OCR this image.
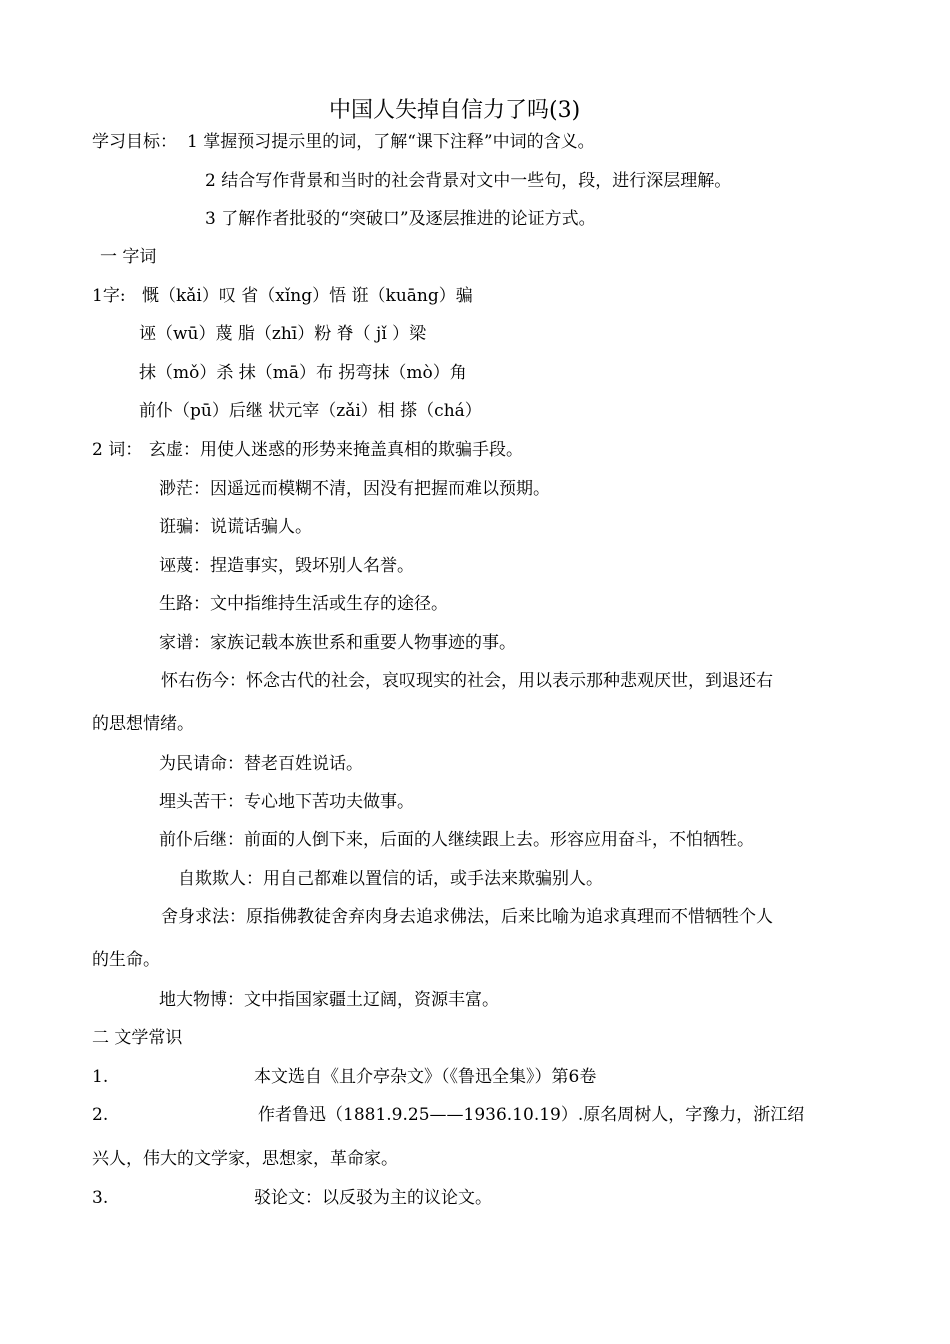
中国人失掉自信力了吗(3)
学习目标： 1 掌握预习提示里的词，了解“课下注释”中词的含义。
2 结合写作背景和当时的社会背景对文中一些句，段，进行深层理解。
3 了解作者批驳的“突破口”及逐层推进的论证方式。
一 字词
1字: 慨（kǎi）叹 省（xǐng）悟 诳（kuāng）骗
诬（wū）蔑 脂（zhī）粉 脊（ jǐ ）梁
抹（mǒ）杀 抹（mā）布 拐弯抹（mò）角
前仆（pū）后继 状元宰（zǎi）相 搽（chá）
2 词： 玄虚：用使人迷惑的形势来掩盖真相的欺骗手段。
渺茫：因遥远而模糊不清，因没有把握而难以预期。
诳骗：说谎话骗人。
诬蔑：捏造事实，毁坏别人名誉。
生路：文中指维持生活或生存的途径。
家谱：家族记载本族世系和重要人物事迹的事。
怀右伤今：怀念古代的社会，哀叹现实的社会，用以表示那种悲观厌世，到退还右
的思想情绪。
为民请命：替老百姓说话。
埋头苦干：专心地下苦功夫做事。
前仆后继：前面的人倒下来，后面的人继续跟上去。形容应用奋斗，不怕牺牲。
自欺欺人：用自己都难以置信的话，或手法来欺骗别人。
舍身求法：原指佛教徒舍弃肉身去追求佛法，后来比喻为追求真理而不惜牺牲个人
的生命。
地大物博：文中指国家疆土辽阔，资源丰富。
二 文学常识
1.	本文选自《且介亭杂文》（《鲁迅全集》）第6卷
2.	作者鲁迅（1881.9.25——1936.10.19）.原名周树人，字豫力，浙江绍
兴人，伟大的文学家，思想家，革命家。
3.	驳论文：以反驳为主的议论文。
